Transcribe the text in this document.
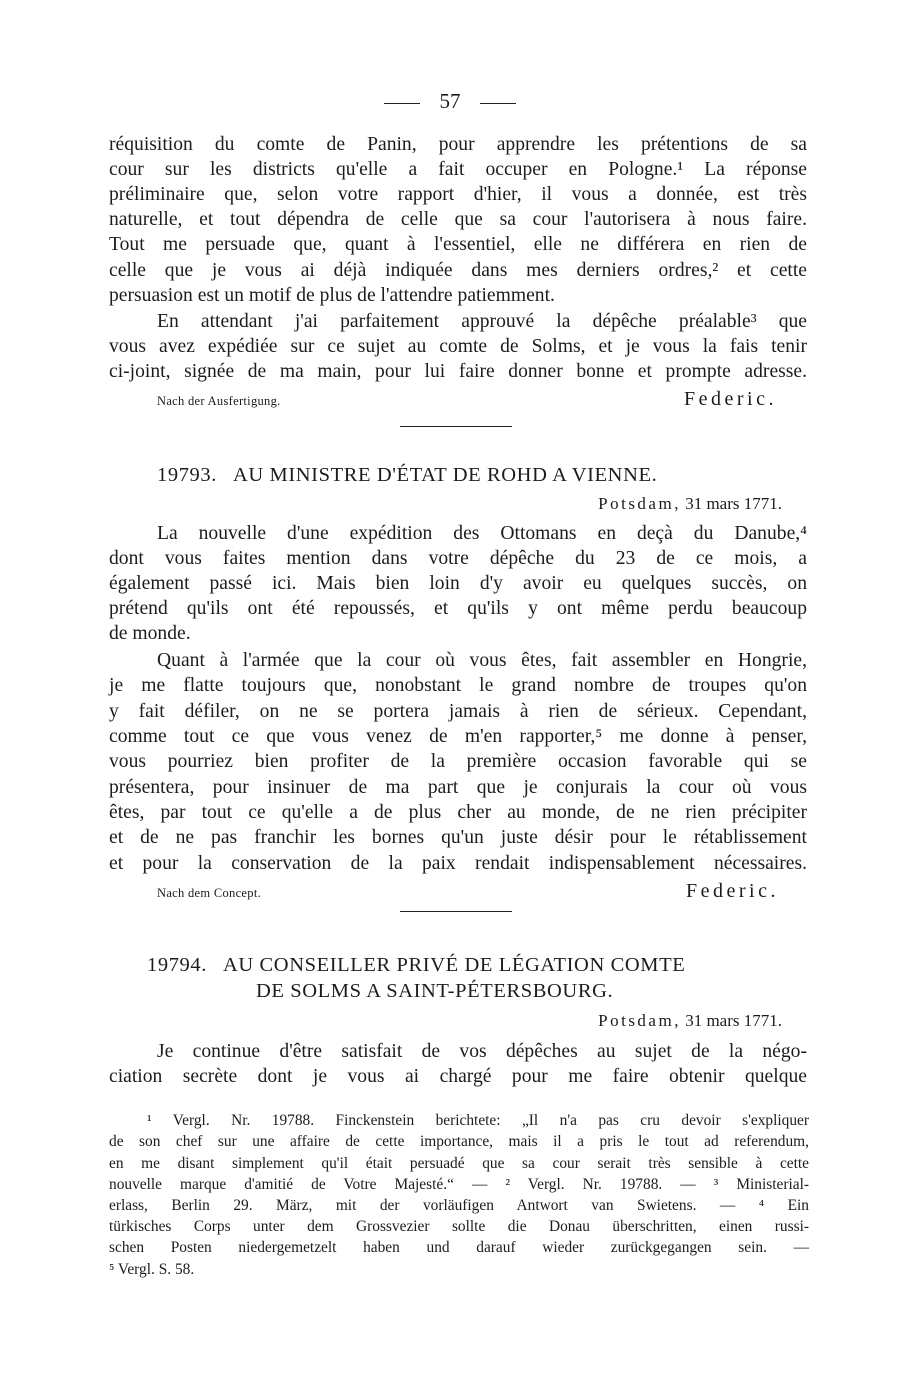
57
réquisition du comte de Panin, pour apprendre les prétentions de sa
cour sur les districts qu'elle a fait occuper en Pologne.¹ La réponse
préliminaire que, selon votre rapport d'hier, il vous a donnée, est très
naturelle, et tout dépendra de celle que sa cour l'autorisera à nous faire.
Tout me persuade que, quant à l'essentiel, elle ne différera en rien de
celle que je vous ai déjà indiquée dans mes derniers ordres,² et cette
persuasion est un motif de plus de l'attendre patiemment.
En attendant j'ai parfaitement approuvé la dépêche préalable³ que
vous avez expédiée sur ce sujet au comte de Solms, et je vous la fais tenir
ci-joint, signée de ma main, pour lui faire donner bonne et prompte adresse.
Nach der Ausfertigung.	Federic.
19793. AU MINISTRE D'ÉTAT DE ROHD A VIENNE.
Potsdam, 31 mars 1771.
La nouvelle d'une expédition des Ottomans en deçà du Danube,⁴
dont vous faites mention dans votre dépêche du 23 de ce mois, a
également passé ici. Mais bien loin d'y avoir eu quelques succès, on
prétend qu'ils ont été repoussés, et qu'ils y ont même perdu beaucoup
de monde.
Quant à l'armée que la cour où vous êtes, fait assembler en Hongrie,
je me flatte toujours que, nonobstant le grand nombre de troupes qu'on
y fait défiler, on ne se portera jamais à rien de sérieux. Cependant,
comme tout ce que vous venez de m'en rapporter,⁵ me donne à penser,
vous pourriez bien profiter de la première occasion favorable qui se
présentera, pour insinuer de ma part que je conjurais la cour où vous
êtes, par tout ce qu'elle a de plus cher au monde, de ne rien précipiter
et de ne pas franchir les bornes qu'un juste désir pour le rétablissement
et pour la conservation de la paix rendait indispensablement nécessaires.
Nach dem Concept.	Federic.
19794. AU CONSEILLER PRIVÉ DE LÉGATION COMTE
DE SOLMS A SAINT-PÉTERSBOURG.
Potsdam, 31 mars 1771.
Je continue d'être satisfait de vos dépêches au sujet de la négo-
ciation secrète dont je vous ai chargé pour me faire obtenir quelque
¹ Vergl. Nr. 19788. Finckenstein berichtete: „Il n'a pas cru devoir s'expliquer
de son chef sur une affaire de cette importance, mais il a pris le tout ad referendum,
en me disant simplement qu'il était persuadé que sa cour serait très sensible à cette
nouvelle marque d'amitié de Votre Majesté.“ — ² Vergl. Nr. 19788. — ³ Ministerial-
erlass, Berlin 29. März, mit der vorläufigen Antwort van Swietens. — ⁴ Ein
türkisches Corps unter dem Grossvezier sollte die Donau überschritten, einen russi-
schen Posten niedergemetzelt haben und darauf wieder zurückgegangen sein. —
⁵ Vergl. S. 58.
